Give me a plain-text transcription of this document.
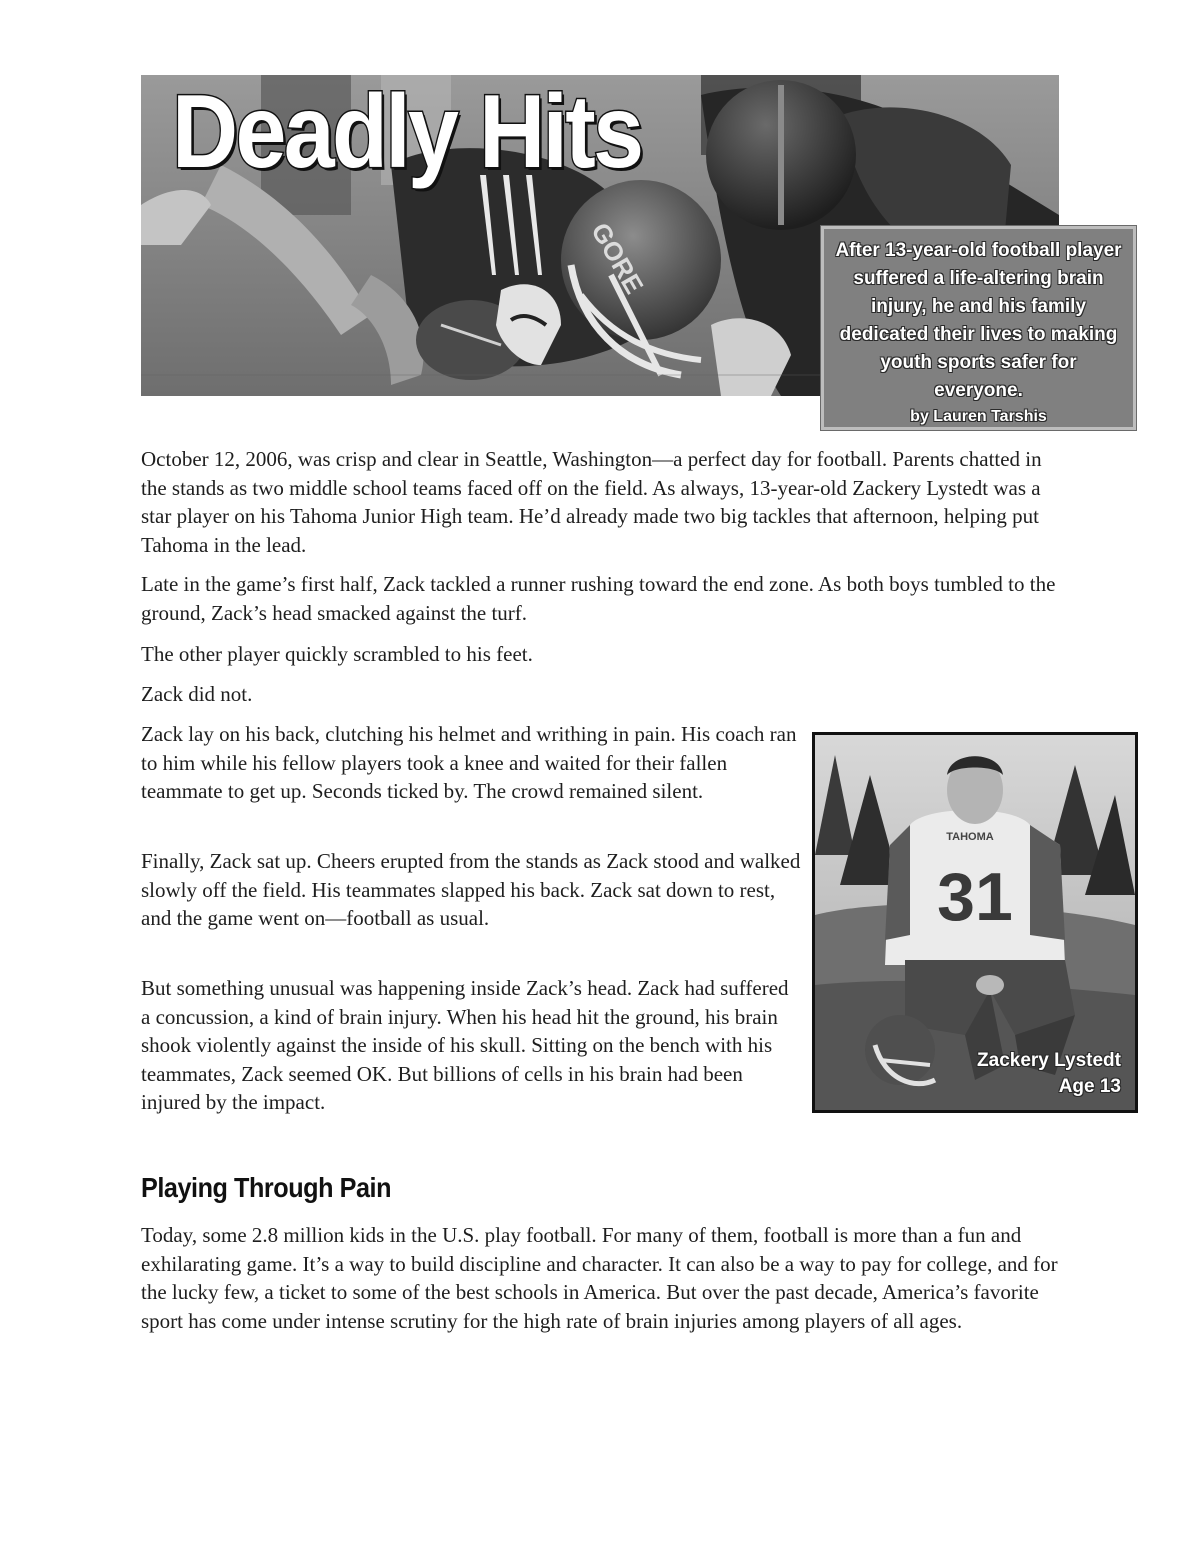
GORE
Deadly Hits
After 13-year-old football player suffered a life-altering brain injury, he and his family dedicated their lives to making youth sports safer for everyone.
by Lauren Tarshis

October 12, 2006, was crisp and clear in Seattle, Washington—a perfect day for football. Parents chatted in the stands as two middle school teams faced off on the field. As always, 13-year-old Zackery Lystedt was a star player on his Tahoma Junior High team. He’d already made two big tackles that afternoon, helping put Tahoma in the lead.

Late in the game’s first half, Zack tackled a runner rushing toward the end zone. As both boys tumbled to the ground, Zack’s head smacked against the turf.

The other player quickly scrambled to his feet.

Zack did not.

Zack lay on his back, clutching his helmet and writhing in pain. His coach ran to him while his fellow players took a knee and waited for their fallen teammate to get up. Seconds ticked by. The crowd remained silent.

Finally, Zack sat up. Cheers erupted from the stands as Zack stood and walked slowly off the field. His teammates slapped his back. Zack sat down to rest, and the game went on—football as usual.

But something unusual was happening inside Zack’s head. Zack had suffered a concussion, a kind of brain injury. When his head hit the ground, his brain shook violently against the inside of his skull. Sitting on the bench with his teammates, Zack seemed OK. But billions of cells in his brain had been injured by the impact.

TAHOMA
31
Zackery Lystedt
Age 13
Playing Through Pain

Today, some 2.8 million kids in the U.S. play football. For many of them, football is more than a fun and exhilarating game. It’s a way to build discipline and character. It can also be a way to pay for college, and for the lucky few, a ticket to some of the best schools in America. But over the past decade, America’s favorite sport has come under intense scrutiny for the high rate of brain injuries among players of all ages.
